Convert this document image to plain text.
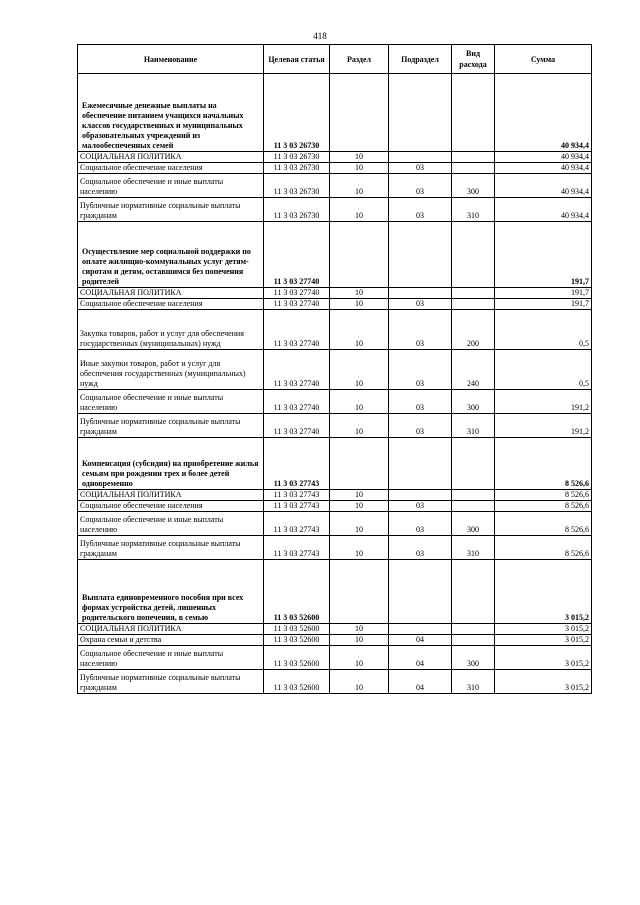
418
Наименование	Целевая статья	Раздел	Подраздел	Вид расхода	Сумма
Ежемесячные денежные выплаты на обеспечение питанием учащихся начальных классов государственных и муниципальных образовательных учреждений из малообеспеченных семей	11 3 03 26730				40 934,4
СОЦИАЛЬНАЯ ПОЛИТИКА	11 3 03 26730	10			40 934,4
Социальное обеспечение населения	11 3 03 26730	10	03		40 934,4
Социальное обеспечение и иные выплаты населению	11 3 03 26730	10	03	300	40 934,4
Публичные нормативные социальные выплаты гражданам	11 3 03 26730	10	03	310	40 934,4
Осуществление мер социальной поддержки по оплате жилищно-коммунальных услуг детям-сиротам и детям, оставшимся без попечения родителей	11 3 03 27740				191,7
СОЦИАЛЬНАЯ ПОЛИТИКА	11 3 03 27740	10			191,7
Социальное обеспечение населения	11 3 03 27740	10	03		191,7
Закупка товаров, работ и услуг для обеспечения государственных (муниципальных) нужд	11 3 03 27740	10	03	200	0,5
Иные закупки товаров, работ и услуг для обеспечения государственных (муниципальных) нужд	11 3 03 27740	10	03	240	0,5
Социальное обеспечение и иные выплаты населению	11 3 03 27740	10	03	300	191,2
Публичные нормативные социальные выплаты гражданам	11 3 03 27740	10	03	310	191,2
Компенсация (субсидия) на приобретение жилья семьям при рождении трех и более детей одновременно	11 3 03 27743				8 526,6
СОЦИАЛЬНАЯ ПОЛИТИКА	11 3 03 27743	10			8 526,6
Социальное обеспечение населения	11 3 03 27743	10	03		8 526,6
Социальное обеспечение и иные выплаты населению	11 3 03 27743	10	03	300	8 526,6
Публичные нормативные социальные выплаты гражданам	11 3 03 27743	10	03	310	8 526,6
Выплата единовременного пособия при всех формах устройства детей, лишенных родительского попечения, в семью	11 3 03 52600				3 015,2
СОЦИАЛЬНАЯ ПОЛИТИКА	11 3 03 52600	10			3 015,2
Охрана семьи и детства	11 3 03 52600	10	04		3 015,2
Социальное обеспечение и иные выплаты населению	11 3 03 52600	10	04	300	3 015,2
Публичные нормативные социальные выплаты гражданам	11 3 03 52600	10	04	310	3 015,2
